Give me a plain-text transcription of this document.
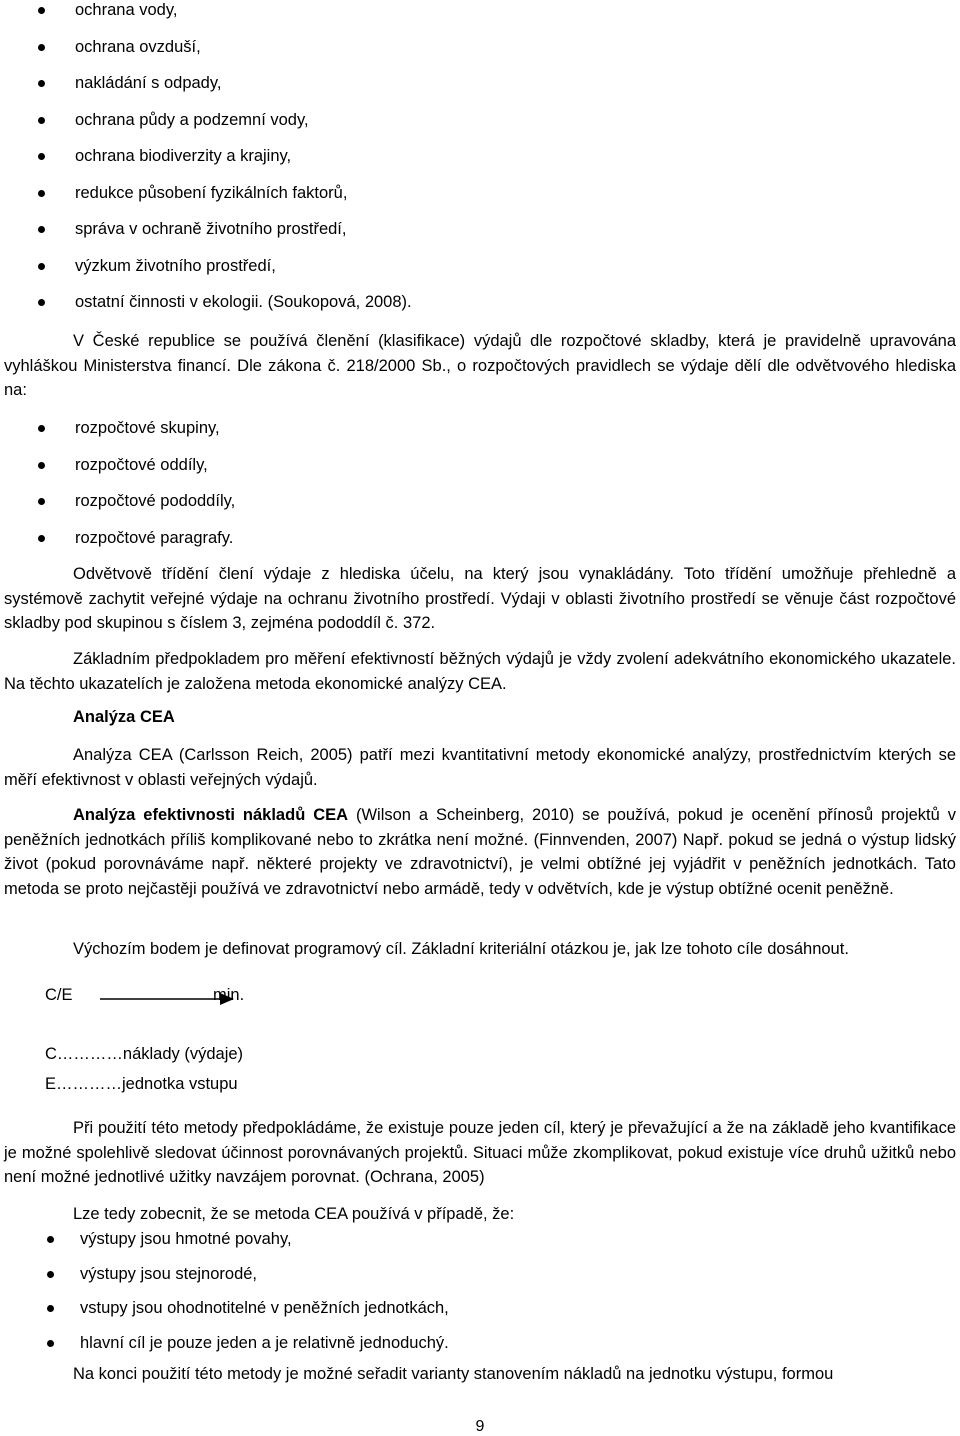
ochrana vody,
ochrana ovzduší,
nakládání s odpady,
ochrana půdy a podzemní vody,
ochrana biodiverzity a krajiny,
redukce působení fyzikálních faktorů,
správa v ochraně životního prostředí,
výzkum životního prostředí,
ostatní činnosti v ekologii. (Soukopová, 2008).

V České republice se používá členění (klasifikace) výdajů dle rozpočtové skladby, která je pravidelně upravována vyhláškou Ministerstva financí. Dle zákona č. 218/2000 Sb., o rozpočtových pravidlech se výdaje dělí dle odvětvového hlediska na:

rozpočtové skupiny,
rozpočtové oddíly,
rozpočtové pododdíly,
rozpočtové paragrafy.

Odvětvově třídění člení výdaje z hlediska účelu, na který jsou vynakládány. Toto třídění umožňuje přehledně a systémově zachytit veřejné výdaje na ochranu životního prostředí. Výdaji v oblasti životního prostředí se věnuje část rozpočtové skladby pod skupinou s číslem 3, zejména pododdíl č. 372.

Základním předpokladem pro měření efektivností běžných výdajů je vždy zvolení adekvátního ekonomického ukazatele. Na těchto ukazatelích je založena metoda ekonomické analýzy CEA.

Analýza CEA

Analýza CEA (Carlsson Reich, 2005) patří mezi kvantitativní metody ekonomické analýzy, prostřednictvím kterých se měří efektivnost v oblasti veřejných výdajů.

Analýza efektivnosti nákladů CEA (Wilson a Scheinberg, 2010) se používá, pokud je ocenění přínosů projektů v peněžních jednotkách příliš komplikované nebo to zkrátka není možné. (Finnvenden, 2007) Např. pokud se jedná o výstup lidský život (pokud porovnáváme např. některé projekty ve zdravotnictví), je velmi obtížné jej vyjádřit v peněžních jednotkách. Tato metoda se proto nejčastěji používá ve zdravotnictví nebo armádě, tedy v odvětvích, kde je výstup obtížné ocenit peněžně.

Výchozím bodem je definovat programový cíl. Základní kriteriální otázkou je, jak lze tohoto cíle dosáhnout.

C/E	min.
C…………náklady (výdaje)
E…………jednotka vstupu

Při použití této metody předpokládáme, že existuje pouze jeden cíl, který je převažující a že na základě jeho kvantifikace je možné spolehlivě sledovat účinnost porovnávaných projektů. Situaci může zkomplikovat, pokud existuje více druhů užitků nebo není možné jednotlivé užitky navzájem porovnat. (Ochrana, 2005)

Lze tedy zobecnit, že se metoda CEA používá v případě, že:

výstupy jsou hmotné povahy,
výstupy jsou stejnorodé,
vstupy jsou ohodnotitelné v peněžních jednotkách,
hlavní cíl je pouze jeden a je relativně jednoduchý.

Na konci použití této metody je možné seřadit varianty stanovením nákladů na jednotku výstupu, formou

9
